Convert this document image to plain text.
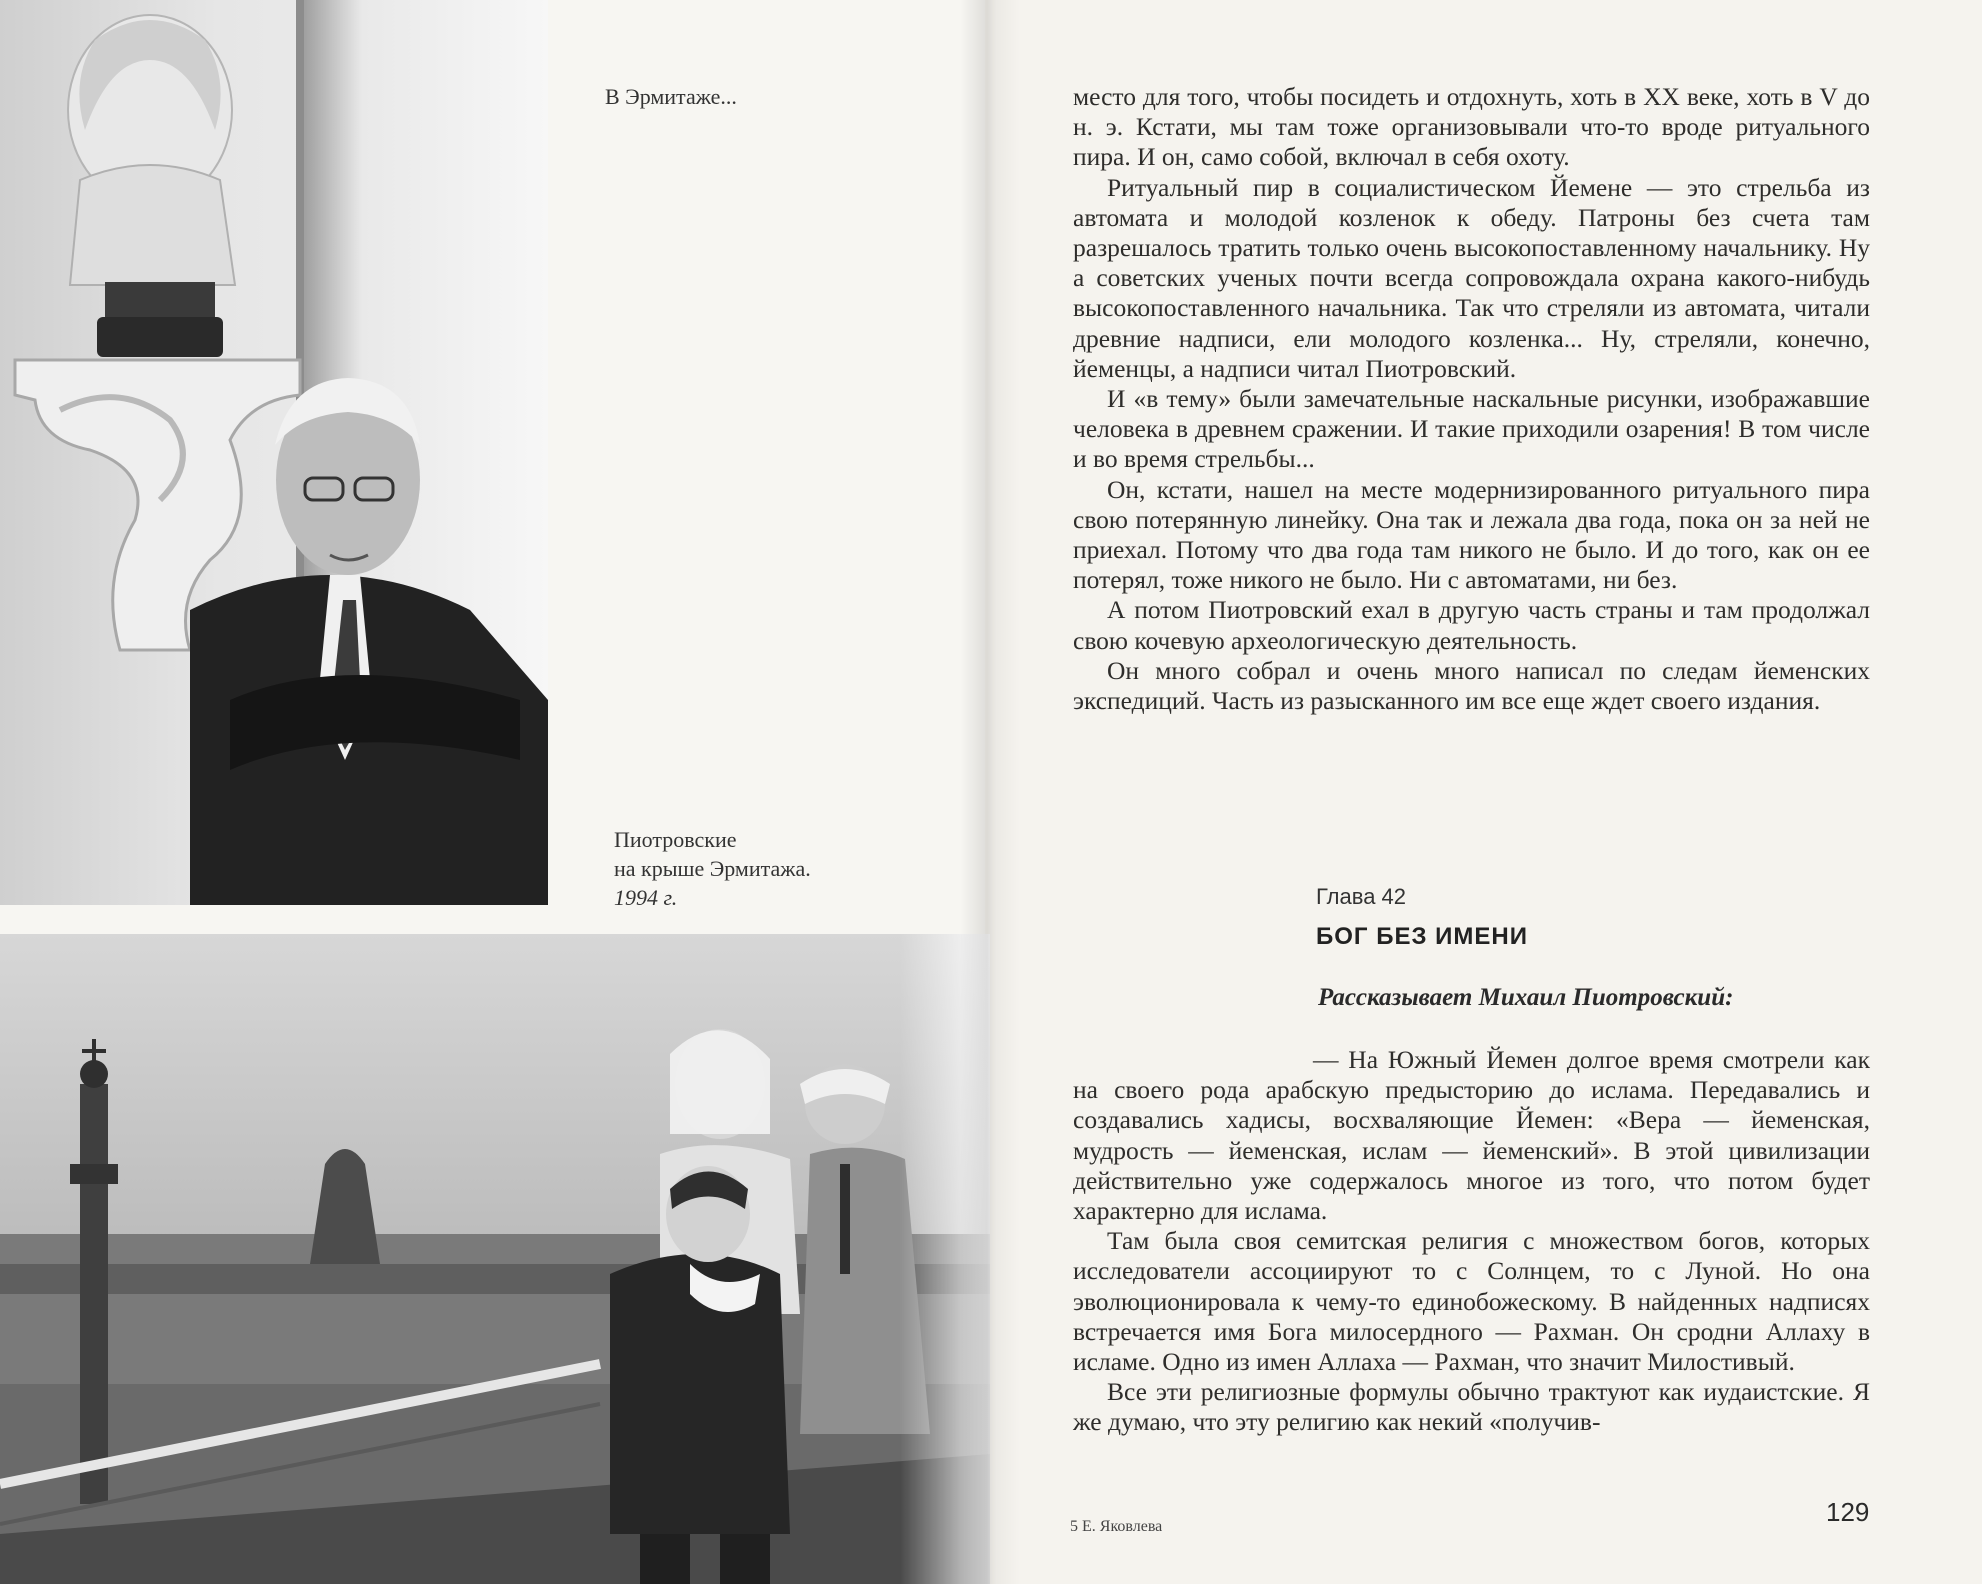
В Эрмитаже...
Пиотровские
на крыше Эрмитажа.
1994 г.

место для того, чтобы посидеть и отдохнуть, хоть в XX веке, хоть в V до н. э. Кстати, мы там тоже организовывали что-то вроде ритуального пира. И он, само собой, включал в себя охоту.

Ритуальный пир в социалистическом Йемене — это стрельба из автомата и молодой козленок к обеду. Патроны без счета там разрешалось тратить только очень высокопоставленному начальнику. Ну а советских ученых почти всегда сопровождала охрана какого-нибудь высокопоставленного начальника. Так что стреляли из автомата, читали древние надписи, ели молодого козленка... Ну, стреляли, конечно, йеменцы, а надписи читал Пиотровский.

И «в тему» были замечательные наскальные рисунки, изображавшие человека в древнем сражении. И такие приходили озарения! В том числе и во время стрельбы...

Он, кстати, нашел на месте модернизированного ритуального пира свою потерянную линейку. Она так и лежала два года, пока он за ней не приехал. Потому что два года там никого не было. И до того, как он ее потерял, тоже никого не было. Ни с автоматами, ни без.

А потом Пиотровский ехал в другую часть страны и там продолжал свою кочевую археологическую деятельность.

Он много собрал и очень много написал по следам йеменских экспедиций. Часть из разысканного им все еще ждет своего издания.

Глава 42
БОГ БЕЗ ИМЕНИ
Рассказывает Михаил Пиотровский:

— На Южный Йемен долгое время смотрели как на своего рода арабскую предысторию до ислама. Передавались и создавались хадисы, восхваляющие Йемен: «Вера — йеменская, мудрость — йеменская, ислам — йеменский». В этой цивилизации действительно уже содержалось многое из того, что потом будет характерно для ислама.

Там была своя семитская религия с множеством богов, которых исследователи ассоциируют то с Солнцем, то с Луной. Но она эволюционировала к чему-то единобожескому. В найденных надписях встречается имя Бога милосердного — Рахман. Он сродни Аллаху в исламе. Одно из имен Аллаха — Рахман, что значит Милостивый.

Все эти религиозные формулы обычно трактуют как иудаистские. Я же думаю, что эту религию как некий «получив-

5 Е. Яковлева	129
